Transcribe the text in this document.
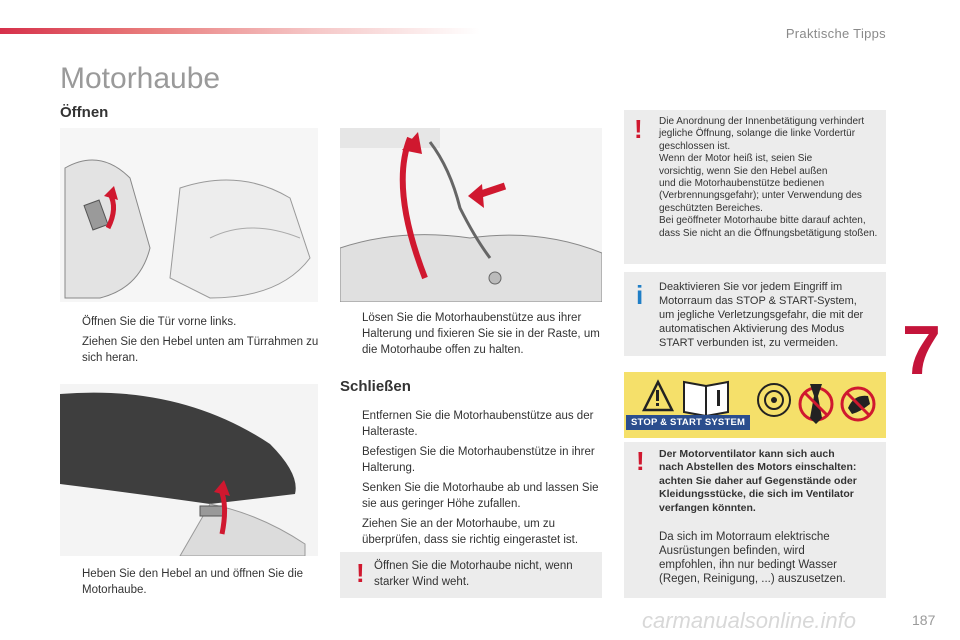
Praktische Tipps
Motorhaube
Öffnen
Öffnen Sie die Tür vorne links.
Ziehen Sie den Hebel unten am Türrahmen zu sich heran.
Lösen Sie die Motorhaubenstütze aus ihrer Halterung und fixieren Sie sie in der Raste, um die Motorhaube offen zu halten.
Heben Sie den Hebel an und öffnen Sie die Motorhaube.
Schließen
Entfernen Sie die Motorhaubenstütze aus der Halteraste.
Befestigen Sie die Motorhaubenstütze in ihrer Halterung.
Senken Sie die Motorhaube ab und lassen Sie sie aus geringer Höhe zufallen.
Ziehen Sie an der Motorhaube, um zu überprüfen, dass sie richtig eingerastet ist.
! Öffnen Sie die Motorhaube nicht, wenn starker Wind weht.
! Die Anordnung der Innenbetätigung verhindert
jegliche Öffnung, solange die linke Vordertür
geschlossen ist.
Wenn der Motor heiß ist, seien Sie
vorsichtig, wenn Sie den Hebel außen
und die Motorhaubenstütze bedienen
(Verbrennungsgefahr); unter Verwendung des
geschützten Bereiches.
Bei geöffneter Motorhaube bitte darauf achten,
dass Sie nicht an die Öffnungsbetätigung stoßen.
i Deaktivieren Sie vor jedem Eingriff im
Motorraum das STOP & START-System,
um jegliche Verletzungsgefahr, die mit der
automatischen Aktivierung des Modus
START verbunden ist, zu vermeiden.
STOP & START SYSTEM
! Der Motorventilator kann sich auch
nach Abstellen des Motors einschalten:
achten Sie daher auf Gegenstände oder
Kleidungsstücke, die sich im Ventilator
verfangen könnten.
Da sich im Motorraum elektrische
Ausrüstungen befinden, wird
empfohlen, ihn nur bedingt Wasser
(Regen, Reinigung, ...) auszusetzen.
7
carmanualsonline.info	187
